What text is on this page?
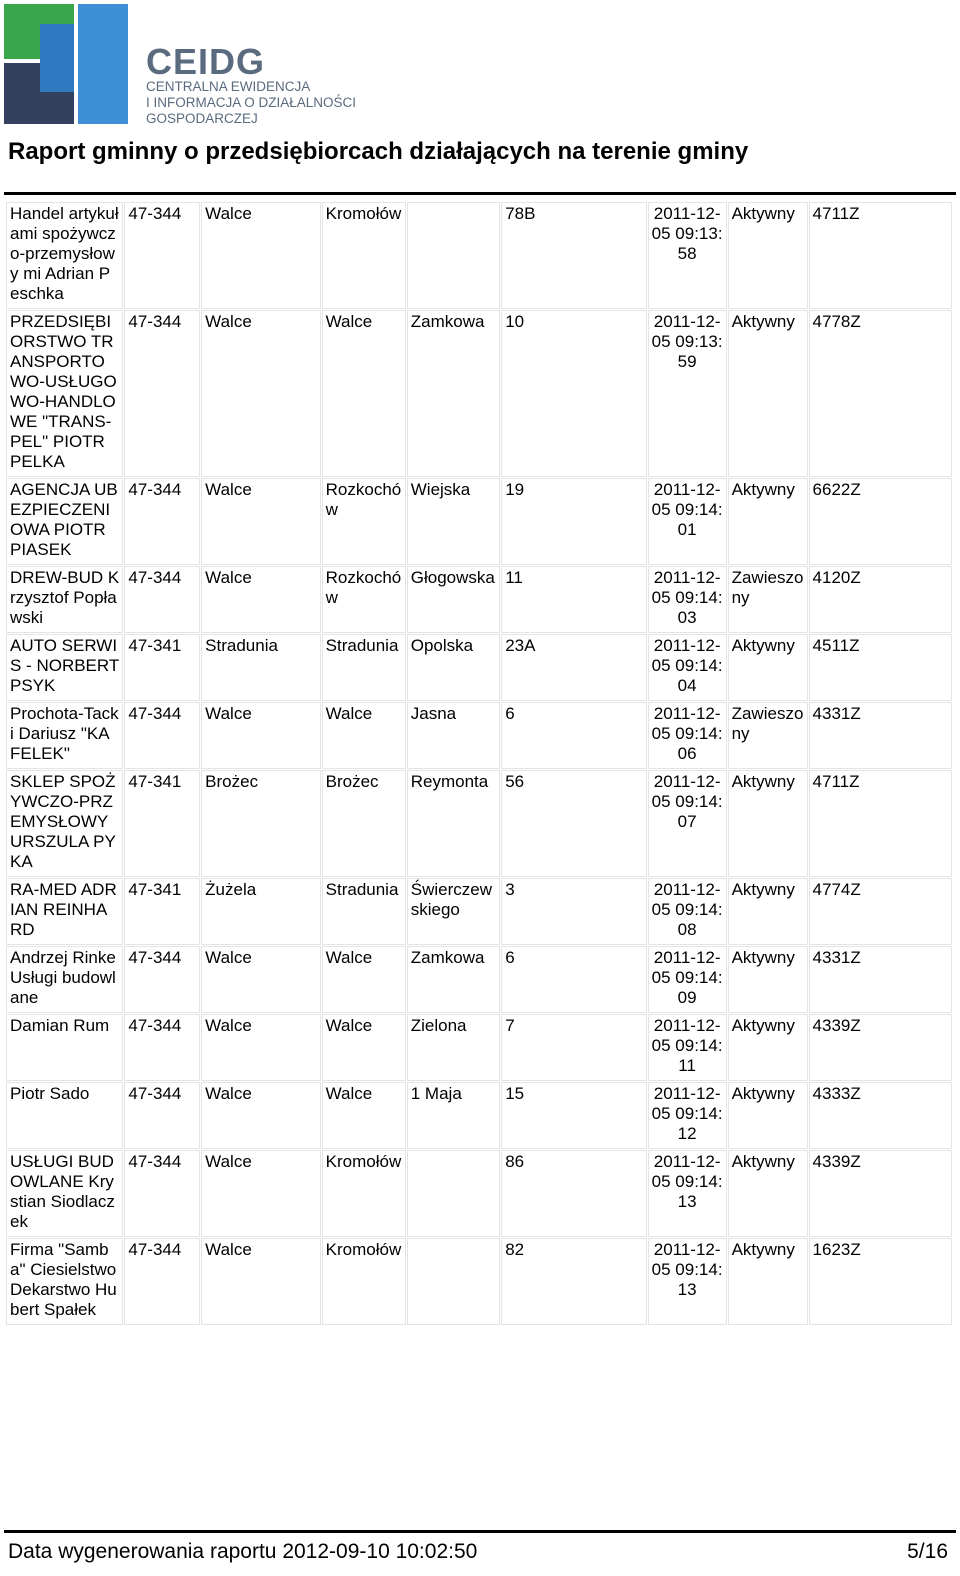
CEIDG
CENTRALNA EWIDENCJA
I INFORMACJA O DZIAŁALNOŚCI
GOSPODARCZEJ
Raport gminny o przedsiębiorcach działających na terenie gminy
Handel artykułami spożywczo-przemysłowy mi Adrian Peschka	47-344	Walce	Kromołów		78B	2011-12-05 09:13:58	Aktywny	4711Z
PRZEDSIĘBIORSTWO TRANSPORTOWO-USŁUGOWO-HANDLOWE "TRANS-PEL" PIOTR PELKA	47-344	Walce	Walce	Zamkowa	10	2011-12-05 09:13:59	Aktywny	4778Z
AGENCJA UBEZPIECZENIOWA PIOTR PIASEK	47-344	Walce	Rozkochów	Wiejska	19	2011-12-05 09:14:01	Aktywny	6622Z
DREW-BUD Krzysztof Popławski	47-344	Walce	Rozkochów	Głogowska	11	2011-12-05 09:14:03	Zawieszony	4120Z
AUTO SERWIS - NORBERT PSYK	47-341	Stradunia	Stradunia	Opolska	23A	2011-12-05 09:14:04	Aktywny	4511Z
Prochota-Tacki Dariusz "KAFELEK"	47-344	Walce	Walce	Jasna	6	2011-12-05 09:14:06	Zawieszony	4331Z
SKLEP SPOŻYWCZO-PRZEMYSŁOWY URSZULA PYKA	47-341	Brożec	Brożec	Reymonta	56	2011-12-05 09:14:07	Aktywny	4711Z
RA-MED ADRIAN REINHARD	47-341	Żużela	Stradunia	Świerczewskiego	3	2011-12-05 09:14:08	Aktywny	4774Z
Andrzej Rinke Usługi budowlane	47-344	Walce	Walce	Zamkowa	6	2011-12-05 09:14:09	Aktywny	4331Z
Damian Rum	47-344	Walce	Walce	Zielona	7	2011-12-05 09:14:11	Aktywny	4339Z
Piotr Sado	47-344	Walce	Walce	1 Maja	15	2011-12-05 09:14:12	Aktywny	4333Z
USŁUGI BUDOWLANE Krystian Siodlaczek	47-344	Walce	Kromołów		86	2011-12-05 09:14:13	Aktywny	4339Z
Firma "Samba" Ciesielstwo Dekarstwo Hubert Spałek	47-344	Walce	Kromołów		82	2011-12-05 09:14:13	Aktywny	1623Z
Data wygenerowania raportu 2012-09-10 10:02:50	5/16
